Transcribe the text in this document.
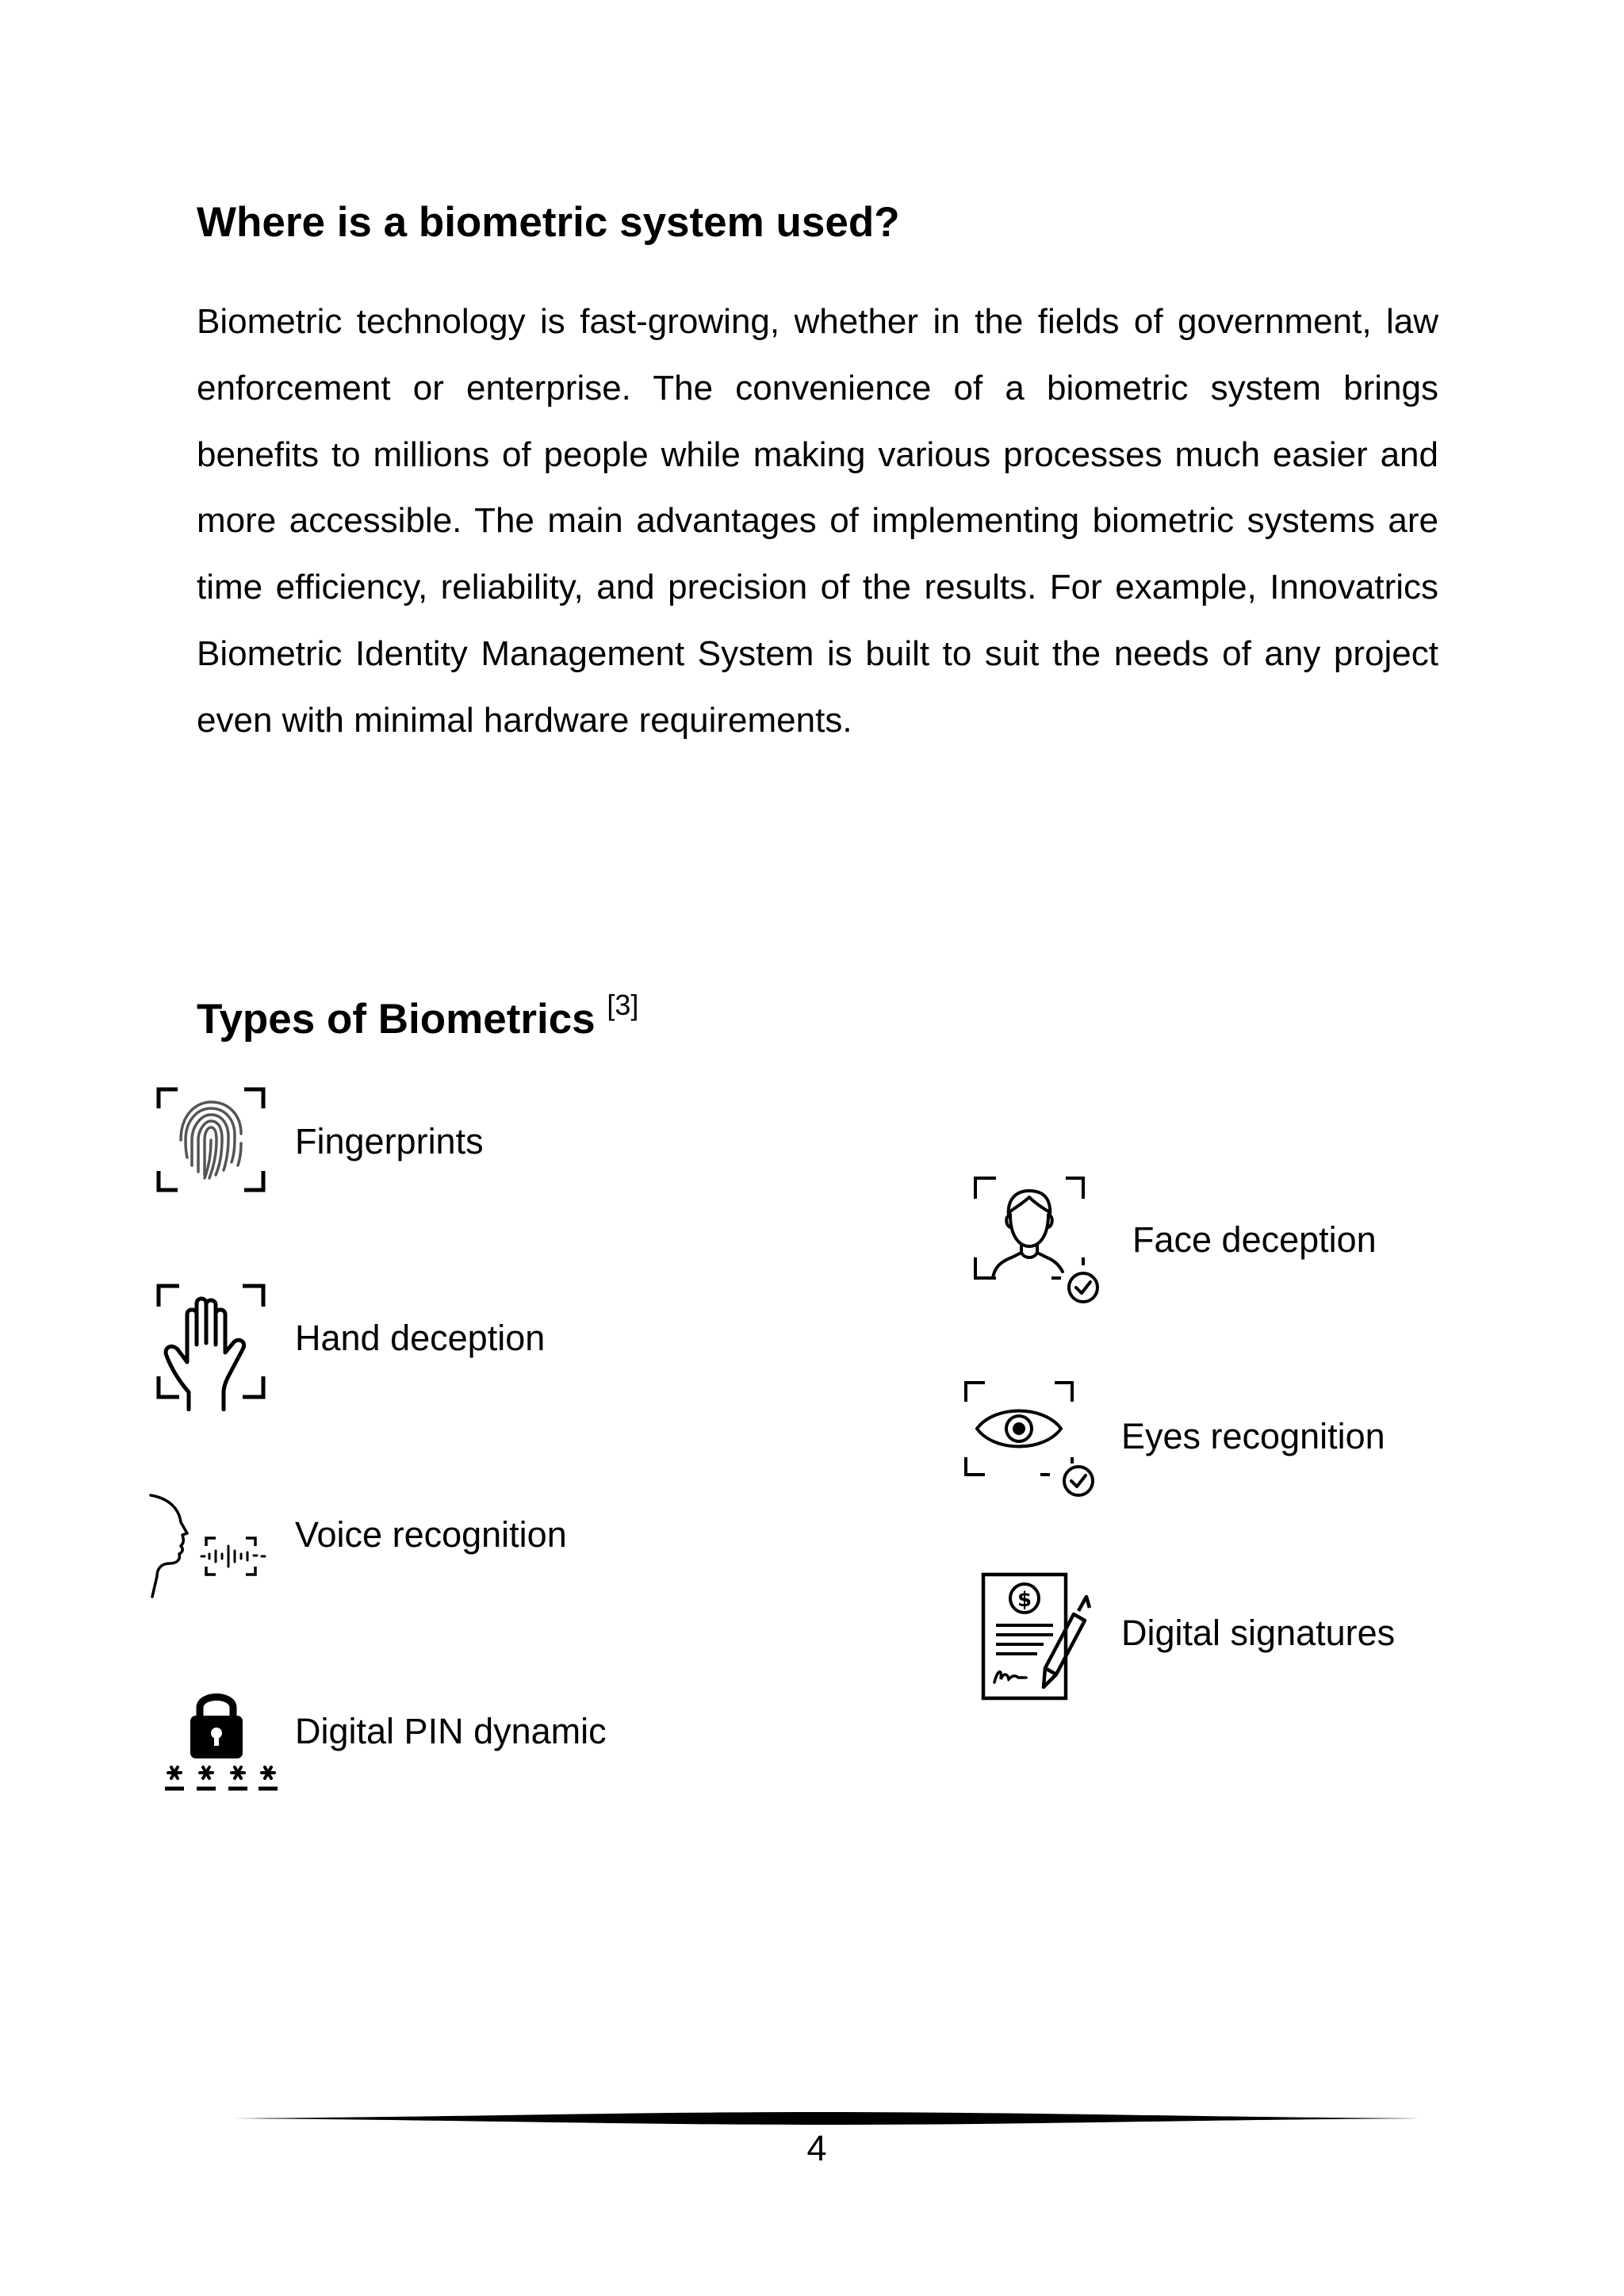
Where is a biometric system used?

Biometric technology is fast-growing, whether in the fields of government, law enforcement or enterprise. The convenience of a biometric system brings benefits to millions of people while making various processes much easier and more accessible. The main advantages of implementing biometric systems are time efficiency, reliability, and precision of the results. For example, Innovatrics Biometric Identity Management System is built to suit the needs of any project even with minimal hardware requirements.

Types of Biometrics [3]
Fingerprints
Hand deception
Voice recognition
Digital PIN dynamic
Face deception
Eyes recognition
$
Digital signatures
4
